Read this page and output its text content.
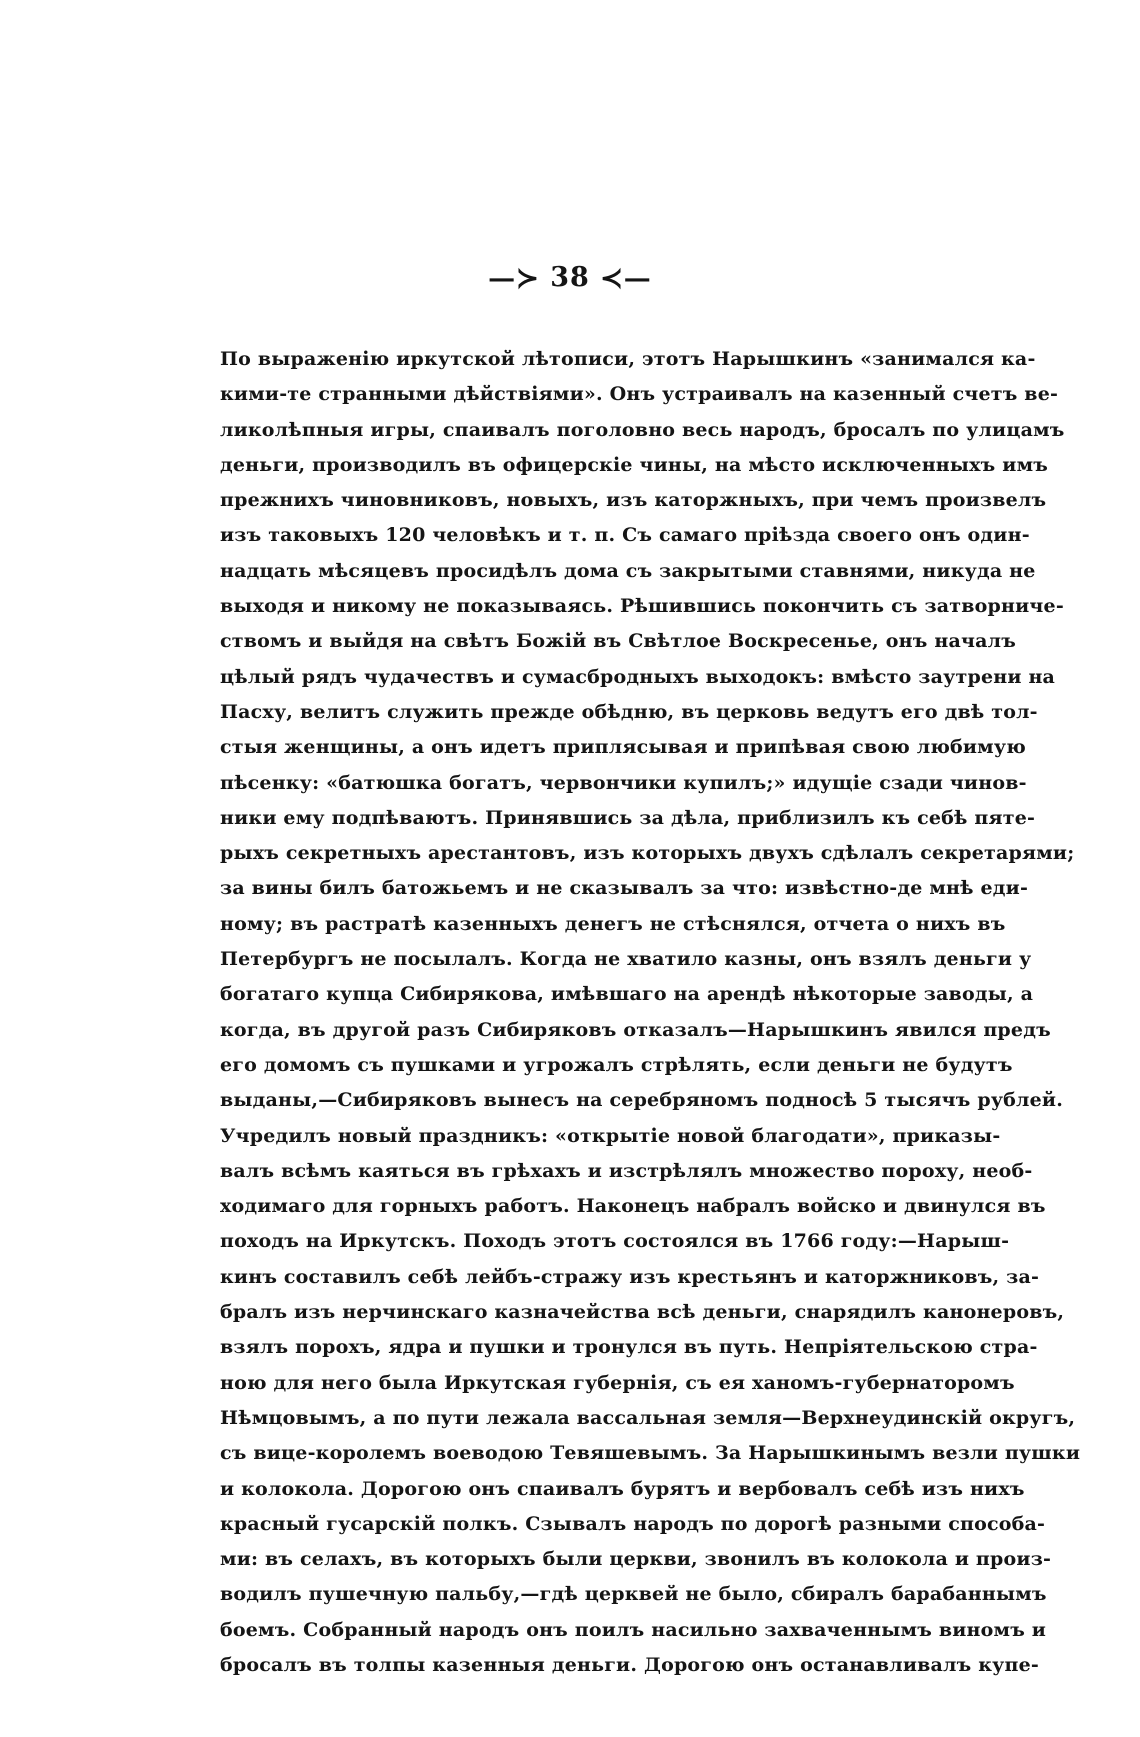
—≻ 38 ≺—
По выраженію иркутской лѣтописи, этотъ Нарышкинъ «занимался ка-
кими-те странными дѣйствіями». Онъ устраивалъ на казенный счетъ ве-
ликолѣпныя игры, спаивалъ поголовно весь народъ, бросалъ по улицамъ
деньги, производилъ въ офицерскіе чины, на мѣсто исключенныхъ имъ
прежнихъ чиновниковъ, новыхъ, изъ каторжныхъ, при чемъ произвелъ
изъ таковыхъ 120 человѣкъ и т. п. Съ самаго пріѣзда своего онъ один-
надцать мѣсяцевъ просидѣлъ дома съ закрытыми ставнями, никуда не
выходя и никому не показываясь. Рѣшившись покончить съ затворниче-
ствомъ и выйдя на свѣтъ Божій въ Свѣтлое Воскресенье, онъ началъ
цѣлый рядъ чудачествъ и сумасбродныхъ выходокъ: вмѣсто заутрени на
Пасху, велитъ служить прежде обѣдню, въ церковь ведутъ его двѣ тол-
стыя женщины, а онъ идетъ приплясывая и припѣвая свою любимую
пѣсенку: «батюшка богатъ, червончики купилъ;» идущіе сзади чинов-
ники ему подпѣваютъ. Принявшись за дѣла, приблизилъ къ себѣ пяте-
рыхъ секретныхъ арестантовъ, изъ которыхъ двухъ сдѣлалъ секретарями;
за вины билъ батожьемъ и не сказывалъ за что: извѣстно-де мнѣ еди-
ному; въ растратѣ казенныхъ денегъ не стѣснялся, отчета о нихъ въ
Петербургъ не посылалъ. Когда не хватило казны, онъ взялъ деньги у
богатаго купца Сибирякова, имѣвшаго на арендѣ нѣкоторые заводы, а
когда, въ другой разъ Сибиряковъ отказалъ—Нарышкинъ явился предъ
его домомъ съ пушками и угрожалъ стрѣлять, если деньги не будутъ
выданы,—Сибиряковъ вынесъ на серебряномъ подносѣ 5 тысячъ рублей.
Учредилъ новый праздникъ: «открытіе новой благодати», приказы-
валъ всѣмъ каяться въ грѣхахъ и изстрѣлялъ множество пороху, необ-
ходимаго для горныхъ работъ. Наконецъ набралъ войско и двинулся въ
походъ на Иркутскъ. Походъ этотъ состоялся въ 1766 году:—Нарыш-
кинъ составилъ себѣ лейбъ-стражу изъ крестьянъ и каторжниковъ, за-
бралъ изъ нерчинскаго казначейства всѣ деньги, снарядилъ канонеровъ,
взялъ порохъ, ядра и пушки и тронулся въ путь. Непріятельскою стра-
ною для него была Иркутская губернія, съ ея ханомъ-губернаторомъ
Нѣмцовымъ, а по пути лежала вассальная земля—Верхнеудинскій округъ,
съ вице-королемъ воеводою Тевяшевымъ. За Нарышкинымъ везли пушки
и колокола. Дорогою онъ спаивалъ бурятъ и вербовалъ себѣ изъ нихъ
красный гусарскій полкъ. Сзывалъ народъ по дорогѣ разными способа-
ми: въ селахъ, въ которыхъ были церкви, звонилъ въ колокола и произ-
водилъ пушечную пальбу,—гдѣ церквей не было, сбиралъ барабаннымъ
боемъ. Собранный народъ онъ поилъ насильно захваченнымъ виномъ и
бросалъ въ толпы казенныя деньги. Дорогою онъ останавливалъ купе-
